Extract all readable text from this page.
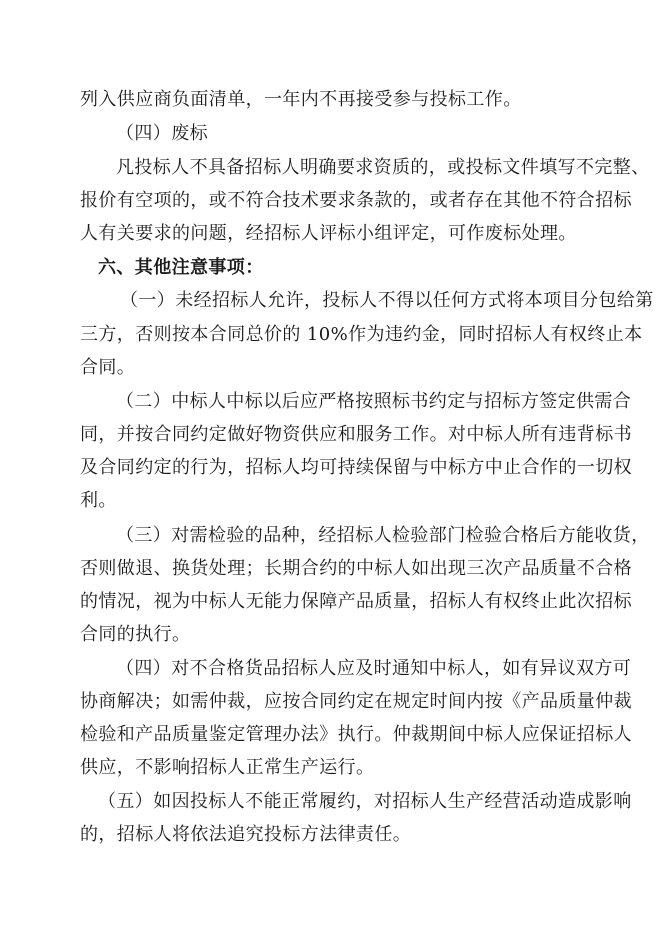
列入供应商负面清单，一年内不再接受参与投标工作。
（四）废标
凡投标人不具备招标人明确要求资质的，或投标文件填写不完整、
报价有空项的，或不符合技术要求条款的，或者存在其他不符合招标
人有关要求的问题，经招标人评标小组评定，可作废标处理。
六、其他注意事项：
（一）未经招标人允许，投标人不得以任何方式将本项目分包给第
三方，否则按本合同总价的 10%作为违约金，同时招标人有权终止本
合同。
（二）中标人中标以后应严格按照标书约定与招标方签定供需合
同，并按合同约定做好物资供应和服务工作。对中标人所有违背标书
及合同约定的行为，招标人均可持续保留与中标方中止合作的一切权
利。
（三）对需检验的品种，经招标人检验部门检验合格后方能收货，
否则做退、换货处理；长期合约的中标人如出现三次产品质量不合格
的情况，视为中标人无能力保障产品质量，招标人有权终止此次招标
合同的执行。
（四）对不合格货品招标人应及时通知中标人，如有异议双方可
协商解决；如需仲裁，应按合同约定在规定时间内按《产品质量仲裁
检验和产品质量鉴定管理办法》执行。仲裁期间中标人应保证招标人
供应，不影响招标人正常生产运行。
（五）如因投标人不能正常履约，对招标人生产经营活动造成影响
的，招标人将依法追究投标方法律责任。
